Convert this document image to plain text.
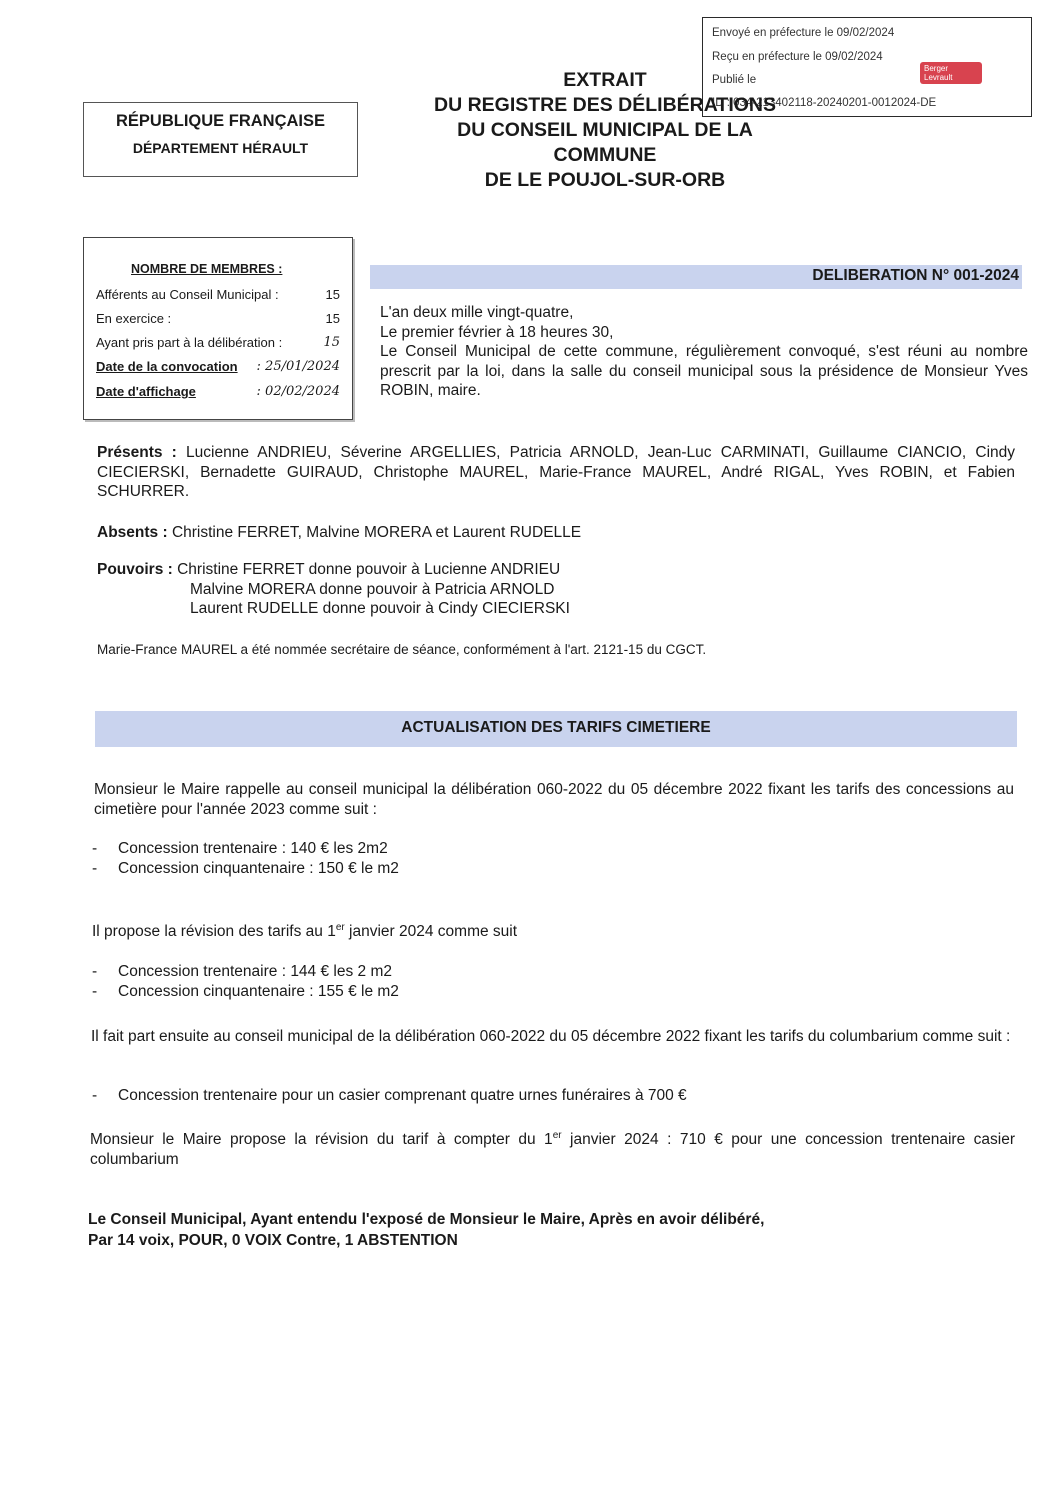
Envoyé en préfecture le 09/02/2024
Reçu en préfecture le 09/02/2024
Publié le
ID : 034-213402118-20240201-0012024-DE
Berger Levrault
EXTRAIT
DU REGISTRE DES DÉLIBÉRATIONS
DU CONSEIL MUNICIPAL DE LA
COMMUNE
DE LE POUJOL-SUR-ORB
RÉPUBLIQUE FRANÇAISE
DÉPARTEMENT HÉRAULT
NOMBRE DE MEMBRES :
Afférents au Conseil Municipal :	15
En exercice :	15
Ayant pris part à la délibération :	15
Date de la convocation : 25/01/2024
Date d'affichage	: 02/02/2024
DELIBERATION N° 001-2024

L'an deux mille vingt-quatre,

Le premier février à 18 heures 30,

Le Conseil Municipal de cette commune, régulièrement convoqué, s'est réuni au nombre prescrit par la loi, dans la salle du conseil municipal sous la présidence de Monsieur Yves ROBIN, maire.

Présents : Lucienne ANDRIEU, Séverine ARGELLIES, Patricia ARNOLD, Jean-Luc CARMINATI, Guillaume CIANCIO, Cindy CIECIERSKI, Bernadette GUIRAUD, Christophe MAUREL, Marie-France MAUREL, André RIGAL, Yves ROBIN, et Fabien SCHURRER.

Absents : Christine FERRET, Malvine MORERA et Laurent RUDELLE

Pouvoirs : Christine FERRET donne pouvoir à Lucienne ANDRIEU

Malvine MORERA donne pouvoir à Patricia ARNOLD

Laurent RUDELLE donne pouvoir à Cindy CIECIERSKI

Marie-France MAUREL a été nommée secrétaire de séance, conformément à l'art. 2121-15 du CGCT.
ACTUALISATION DES TARIFS CIMETIERE
Monsieur le Maire rappelle au conseil municipal la délibération 060-2022 du 05 décembre 2022 fixant les tarifs des concessions au cimetière pour l'année 2023 comme suit :
- Concession trentenaire : 140 € les 2m2
- Concession cinquantenaire : 150 € le m2
Il propose la révision des tarifs au 1er janvier 2024 comme suit
- Concession trentenaire : 144 € les 2 m2
- Concession cinquantenaire : 155 € le m2
Il fait part ensuite au conseil municipal de la délibération 060-2022 du 05 décembre 2022 fixant les tarifs du columbarium comme suit :
- Concession trentenaire pour un casier comprenant quatre urnes funéraires à 700 €
Monsieur le Maire propose la révision du tarif à compter du 1er janvier 2024 : 710 € pour une concession trentenaire casier columbarium
Le Conseil Municipal, Ayant entendu l'exposé de Monsieur le Maire, Après en avoir délibéré,
Par 14 voix, POUR, 0 VOIX Contre, 1 ABSTENTION
